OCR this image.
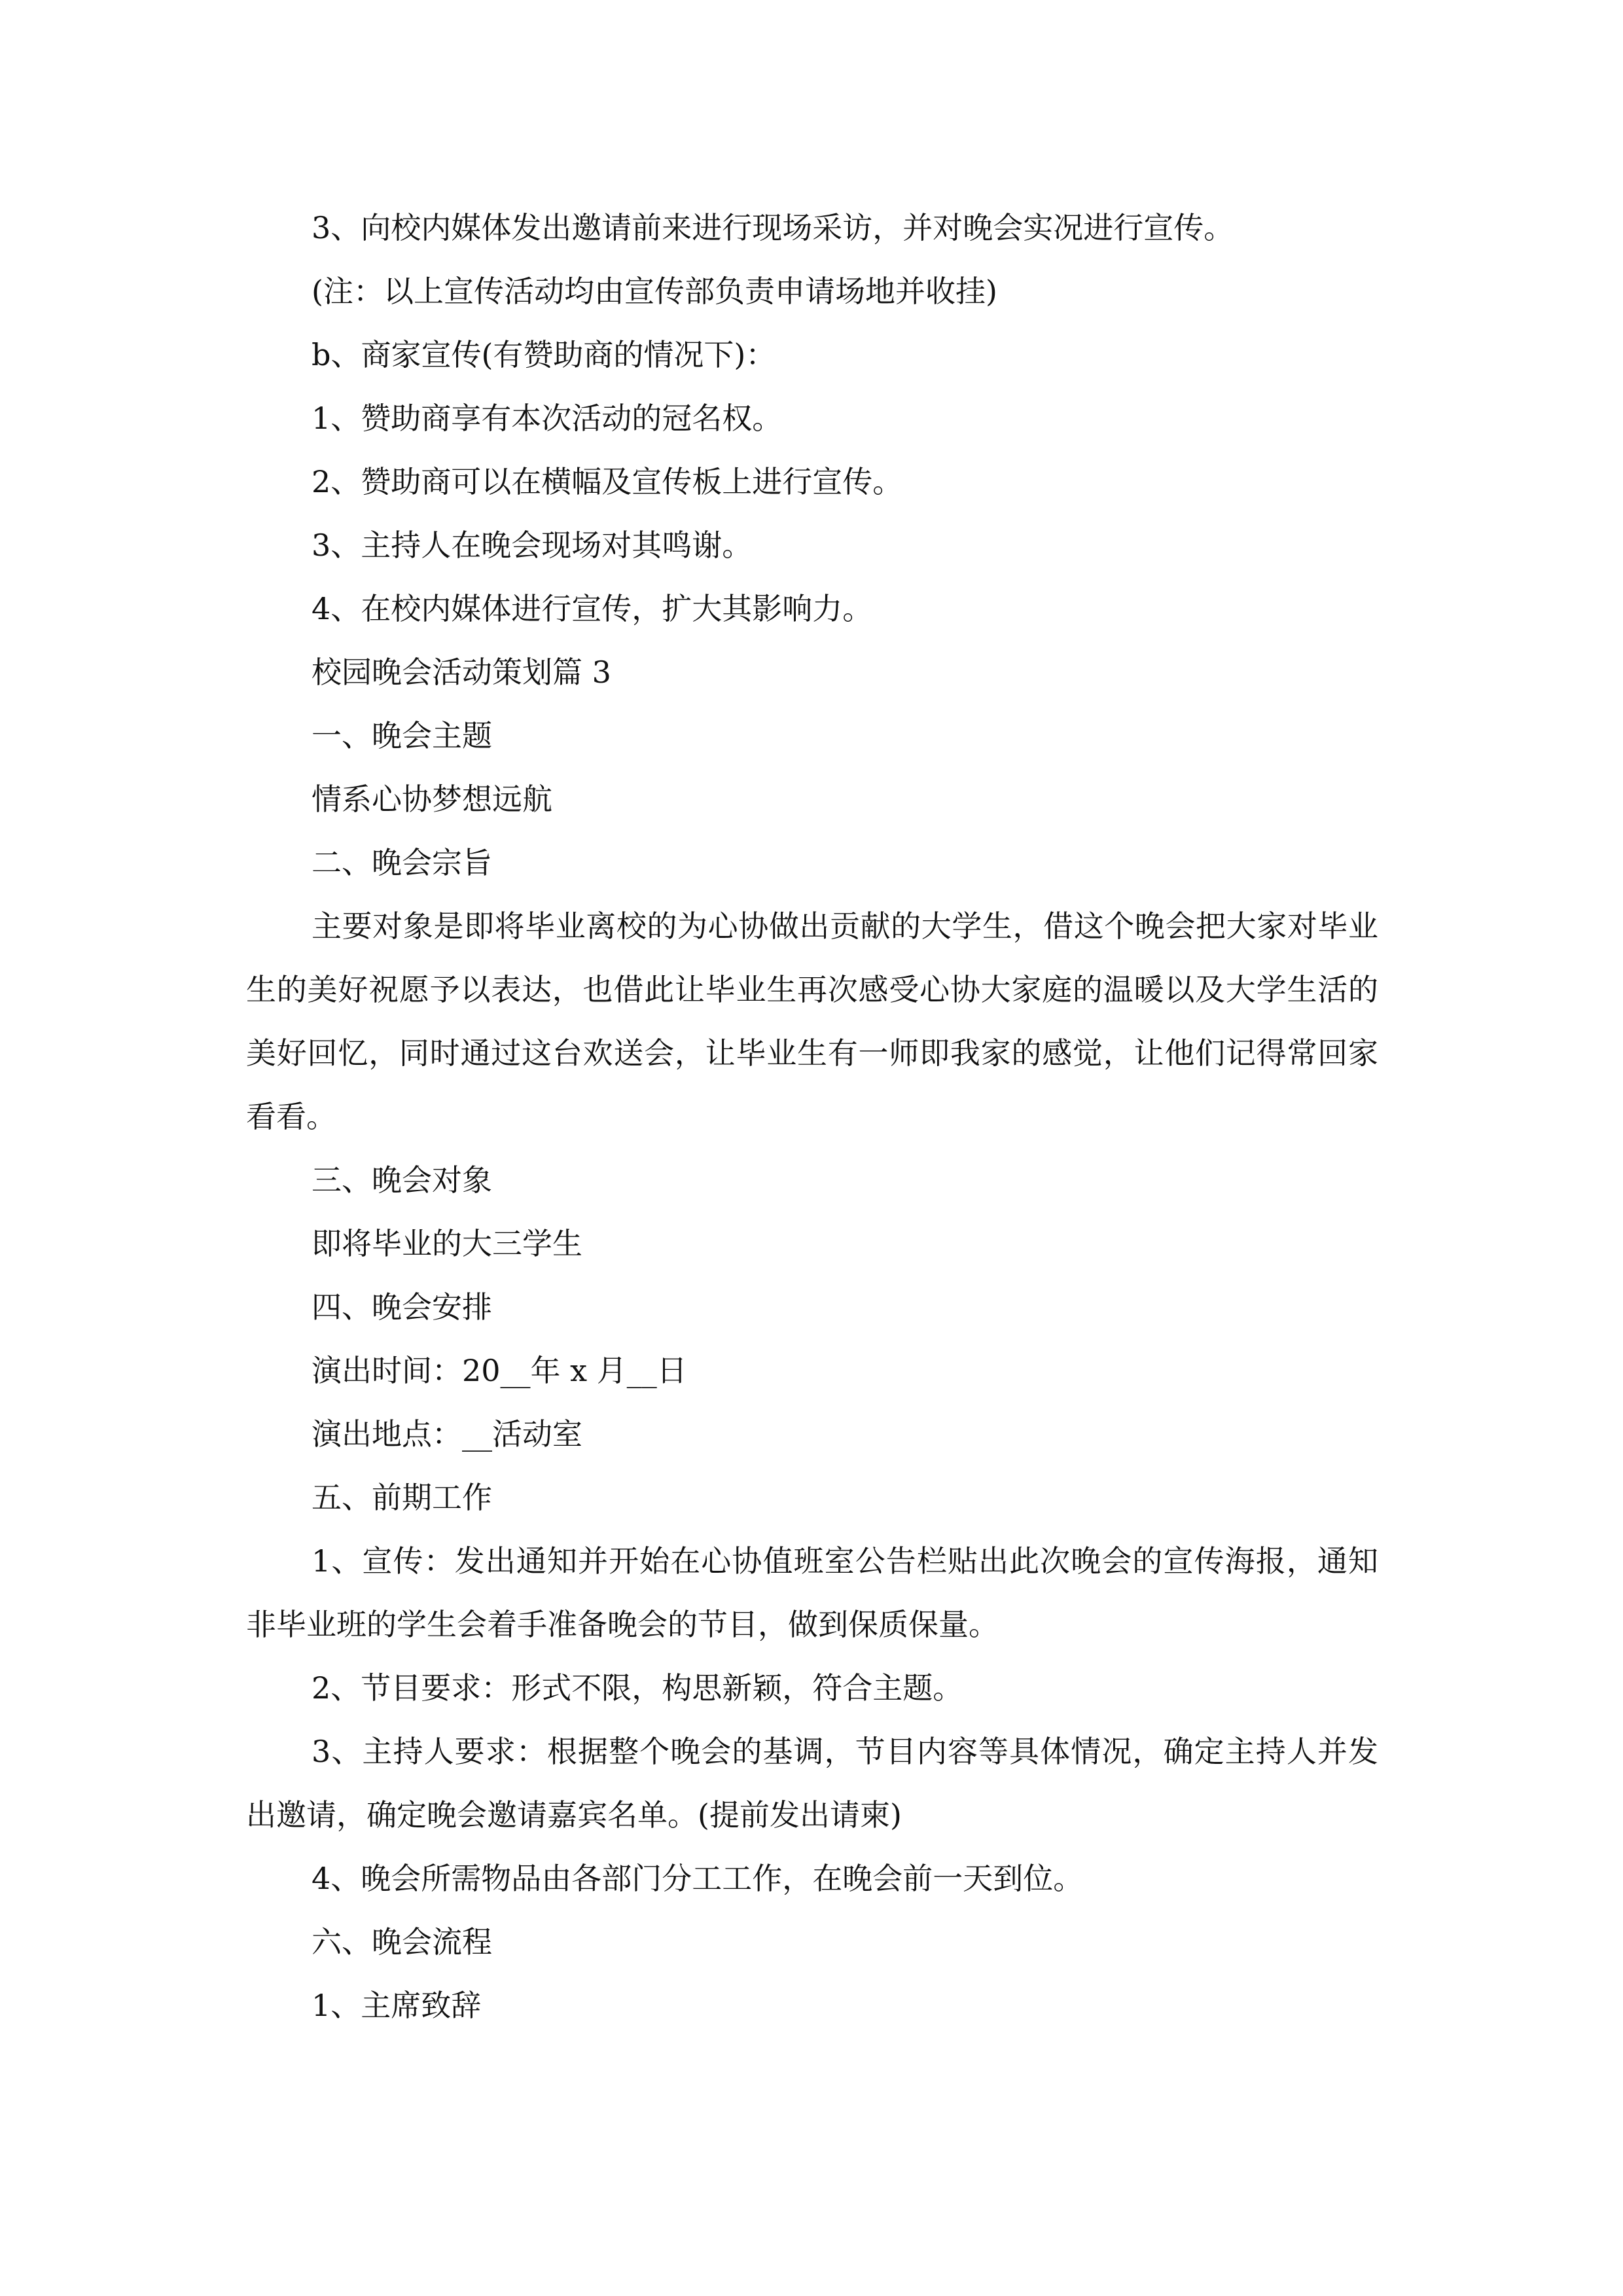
3、向校内媒体发出邀请前来进行现场采访，并对晚会实况进行宣传。
(注：以上宣传活动均由宣传部负责申请场地并收挂)
b、商家宣传(有赞助商的情况下)：
1、赞助商享有本次活动的冠名权。
2、赞助商可以在横幅及宣传板上进行宣传。
3、主持人在晚会现场对其鸣谢。
4、在校内媒体进行宣传，扩大其影响力。
校园晚会活动策划篇 3
一、晚会主题
情系心协梦想远航
二、晚会宗旨

主要对象是即将毕业离校的为心协做出贡献的大学生，借这个晚会把大家对毕业生的美好祝愿予以表达，也借此让毕业生再次感受心协大家庭的温暖以及大学生活的美好回忆，同时通过这台欢送会，让毕业生有一师即我家的感觉，让他们记得常回家看看。

三、晚会对象
即将毕业的大三学生
四、晚会安排
演出时间：20__年 x 月__日
演出地点：__活动室
五、前期工作

1、宣传：发出通知并开始在心协值班室公告栏贴出此次晚会的宣传海报，通知非毕业班的学生会着手准备晚会的节目，做到保质保量。

2、节目要求：形式不限，构思新颖，符合主题。

3、主持人要求：根据整个晚会的基调，节目内容等具体情况，确定主持人并发出邀请，确定晚会邀请嘉宾名单。(提前发出请柬)

4、晚会所需物品由各部门分工工作，在晚会前一天到位。

六、晚会流程
1、主席致辞
